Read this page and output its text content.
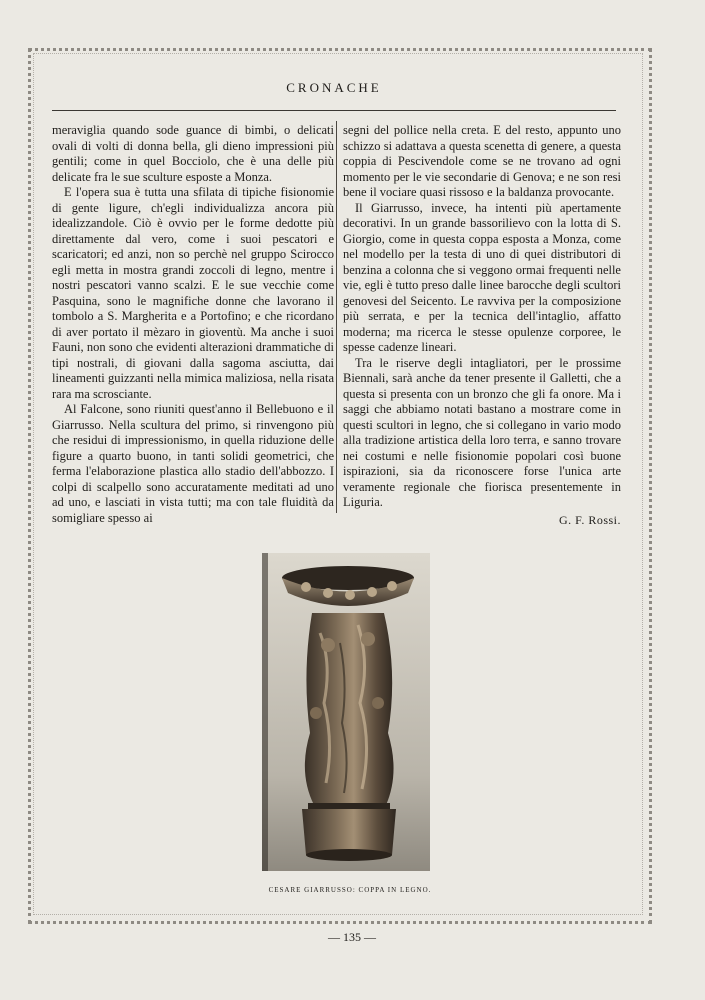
CRONACHE

meraviglia quando sode guance di bimbi, o delicati ovali di volti di donna bella, gli dieno impressioni più gentili; come in quel Bocciolo, che è una delle più delicate fra le sue sculture esposte a Monza.

E l'opera sua è tutta una sfilata di tipiche fisionomie di gente ligure, ch'egli individualizza ancora più idealizzandole. Ciò è ovvio per le forme dedotte più direttamente dal vero, come i suoi pescatori e scaricatori; ed anzi, non so perchè nel gruppo Scirocco egli metta in mostra grandi zoccoli di legno, mentre i nostri pescatori vanno scalzi. E le sue vecchie come Pasquina, sono le magnifiche donne che lavorano il tombolo a S. Margherita e a Portofino; e che ricordano di aver portato il mèzaro in gioventù. Ma anche i suoi Fauni, non sono che evidenti alterazioni drammatiche di tipi nostrali, di giovani dalla sagoma asciutta, dai lineamenti guizzanti nella mimica maliziosa, nella risata rara ma scrosciante.

Al Falcone, sono riuniti quest'anno il Bellebuono e il Giarrusso. Nella scultura del primo, si rinvengono più che residui di impressionismo, in quella riduzione delle figure a quarto buono, in tanti solidi geometrici, che ferma l'elaborazione plastica allo stadio dell'abbozzo. I colpi di scalpello sono accuratamente meditati ad uno ad uno, e lasciati in vista tutti; ma con tale fluidità da somigliare spesso ai

segni del pollice nella creta. E del resto, appunto uno schizzo si adattava a questa scenetta di genere, a questa coppia di Pescivendole come se ne trovano ad ogni momento per le vie secondarie di Genova; e ne son resi bene il vociare quasi rissoso e la baldanza provocante.

Il Giarrusso, invece, ha intenti più apertamente decorativi. In un grande bassorilievo con la lotta di S. Giorgio, come in questa coppa esposta a Monza, come nel modello per la testa di uno di quei distributori di benzina a colonna che si veggono ormai frequenti nelle vie, egli è tutto preso dalle linee barocche degli scultori genovesi del Seicento. Le ravviva per la composizione più serrata, e per la tecnica dell'intaglio, affatto moderna; ma ricerca le stesse opulenze corporee, le spesse cadenze lineari.

Tra le riserve degli intagliatori, per le prossime Biennali, sarà anche da tener presente il Galletti, che a questa si presenta con un bronzo che gli fa onore. Ma i saggi che abbiamo notati bastano a mostrare come in questi scultori in legno, che si collegano in vario modo alla tradizione artistica della loro terra, e sanno trovare nei costumi e nelle fisionomie popolari così buone ispirazioni, sia da riconoscere forse l'unica arte veramente regionale che fiorisca presentemente in Liguria.

G. F. Rossi.
CESARE GIARRUSSO: COPPA IN LEGNO.
— 135 —
